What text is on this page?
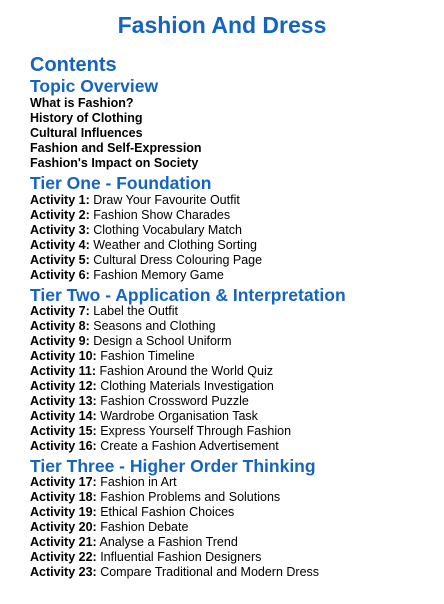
Fashion And Dress
Contents
Topic Overview
What is Fashion?
History of Clothing
Cultural Influences
Fashion and Self-Expression
Fashion's Impact on Society
Tier One - Foundation
Activity 1: Draw Your Favourite Outfit
Activity 2: Fashion Show Charades
Activity 3: Clothing Vocabulary Match
Activity 4: Weather and Clothing Sorting
Activity 5: Cultural Dress Colouring Page
Activity 6: Fashion Memory Game
Tier Two - Application & Interpretation
Activity 7: Label the Outfit
Activity 8: Seasons and Clothing
Activity 9: Design a School Uniform
Activity 10: Fashion Timeline
Activity 11: Fashion Around the World Quiz
Activity 12: Clothing Materials Investigation
Activity 13: Fashion Crossword Puzzle
Activity 14: Wardrobe Organisation Task
Activity 15: Express Yourself Through Fashion
Activity 16: Create a Fashion Advertisement
Tier Three - Higher Order Thinking
Activity 17: Fashion in Art
Activity 18: Fashion Problems and Solutions
Activity 19: Ethical Fashion Choices
Activity 20: Fashion Debate
Activity 21: Analyse a Fashion Trend
Activity 22: Influential Fashion Designers
Activity 23: Compare Traditional and Modern Dress
